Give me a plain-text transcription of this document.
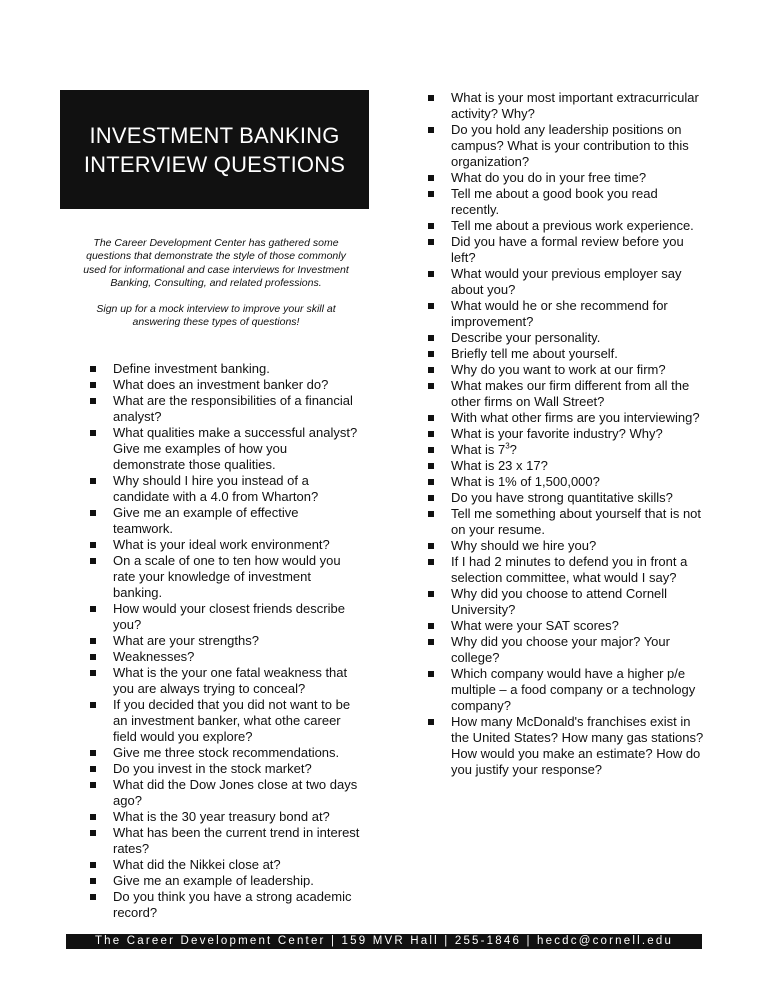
INVESTMENT BANKING
INTERVIEW QUESTIONS

The Career Development Center has gathered some questions that demonstrate the style of those commonly used for informational and case interviews for Investment Banking, Consulting, and related professions.

Sign up for a mock interview to improve your skill at answering these types of questions!

Define investment banking.
What does an investment banker do?
What are the responsibilities of a financial analyst?
What qualities make a successful analyst? Give me examples of how you demonstrate those qualities.
Why should I hire you instead of a candidate with a 4.0 from Wharton?
Give me an example of effective teamwork.
What is your ideal work environment?
On a scale of one to ten how would you rate your knowledge of investment banking.
How would your closest friends describe you?
What are your strengths?
Weaknesses?
What is the your one fatal weakness that you are always trying to conceal?
If you decided that you did not want to be an investment banker, what othe career field would you explore?
Give me three stock recommendations.
Do you invest in the stock market?
What did the Dow Jones close at two days ago?
What is the 30 year treasury bond at?
What has been the current trend in interest rates?
What did the Nikkei close at?
Give me an example of leadership.
Do you think you have a strong academic record?
What is your most important extracurricular activity? Why?
Do you hold any leadership positions on campus? What is your contribution to this organization?
What do you do in your free time?
Tell me about a good book you read recently.
Tell me about a previous work experience.
Did you have a formal review before you left?
What would your previous employer say about you?
What would he or she recommend for improvement?
Describe your personality.
Briefly tell me about yourself.
Why do you want to work at our firm?
What makes our firm different from all the other firms on Wall Street?
With what other firms are you interviewing?
What is your favorite industry? Why?
What is $7^3$?
What is 23 x 17?
What is 1% of 1,500,000?
Do you have strong quantitative skills?
Tell me something about yourself that is not on your resume.
Why should we hire you?
If I had 2 minutes to defend you in front a selection committee, what would I say?
Why did you choose to attend Cornell University?
What were your SAT scores?
Why did you choose your major? Your college?
Which company would have a higher p/e multiple – a food company or a technology company?
How many McDonald's franchises exist in the United States? How many gas stations? How would you make an estimate? How do you justify your response?
The Career Development Center | 159 MVR Hall | 255-1846 | hecdc@cornell.edu
